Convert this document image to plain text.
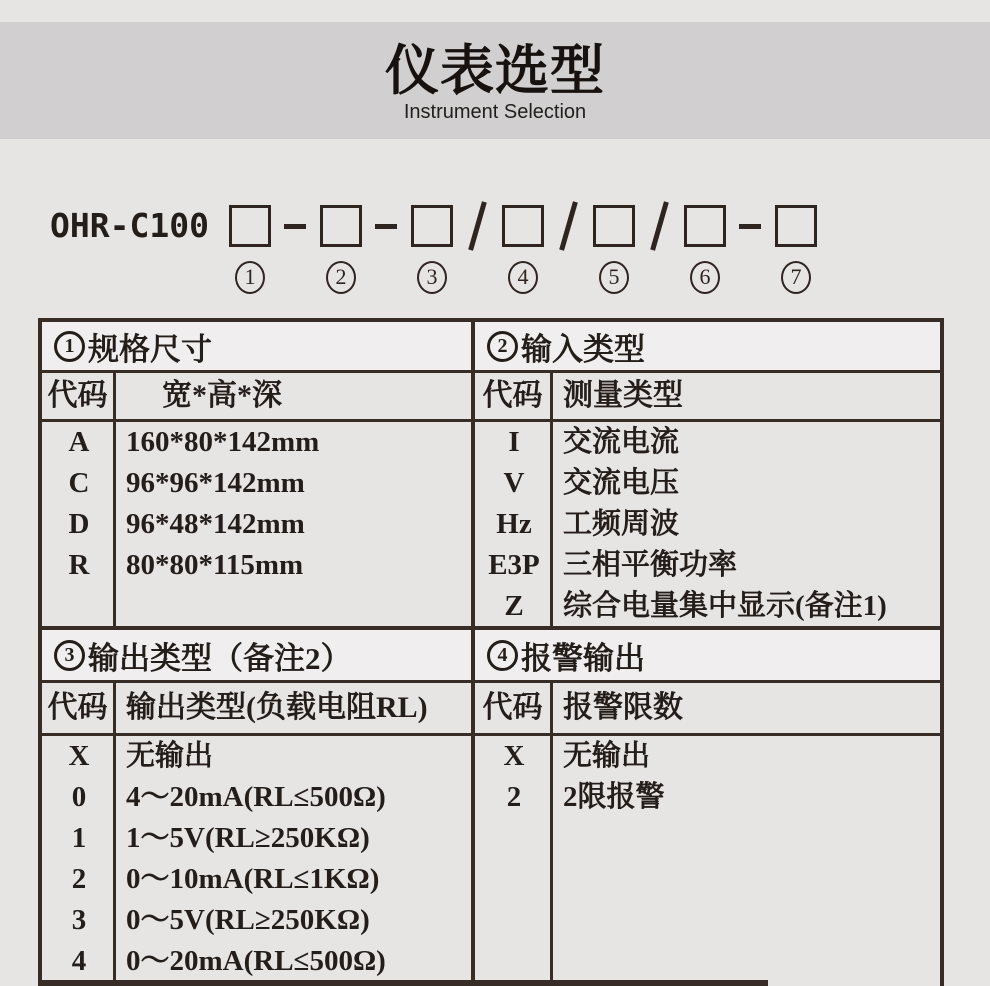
仪表选型
Instrument Selection
OHR-C100
1	2	3	4	5	6	7
1 规格尺寸
代码	宽*高*深
A	160*80*142mm
C	96*96*142mm
D	96*48*142mm
R	80*80*115mm
3 输出类型（备注2）
代码 输出类型(负载电阻RL)
X	无输出
0	4～20mA(RL≤500Ω)
1	1～5V(RL≥250KΩ)
2	0～10mA(RL≤1KΩ)
3	0～5V(RL≥250KΩ)
4	0～20mA(RL≤500Ω)
2 输入类型
代码 测量类型
I	交流电流
V	交流电压
Hz	工频周波
E3P 三相平衡功率
Z	综合电量集中显示(备注1)
4 报警输出
代码 报警限数
X	无输出
2	2限报警
